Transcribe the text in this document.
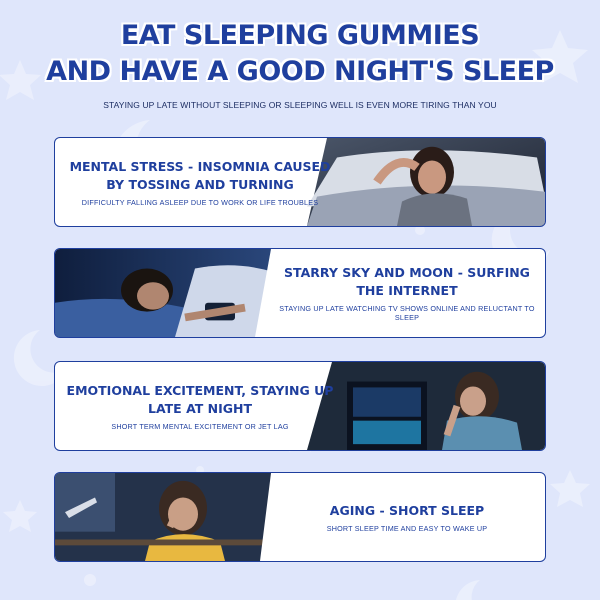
EAT SLEEPING GUMMIES
AND HAVE A GOOD NIGHT'S SLEEP
STAYING UP LATE WITHOUT SLEEPING OR SLEEPING WELL IS EVEN MORE TIRING THAN YOU
MENTAL STRESS - INSOMNIA CAUSED BY TOSSING AND TURNING

DIFFICULTY FALLING ASLEEP DUE TO WORK OR LIFE TROUBLES

STARRY SKY AND MOON - SURFING THE INTERNET

STAYING UP LATE WATCHING TV SHOWS ONLINE AND RELUCTANT TO SLEEP

EMOTIONAL EXCITEMENT, STAYING UP LATE AT NIGHT

SHORT TERM MENTAL EXCITEMENT OR JET LAG

AGING - SHORT SLEEP

SHORT SLEEP TIME AND EASY TO WAKE UP
